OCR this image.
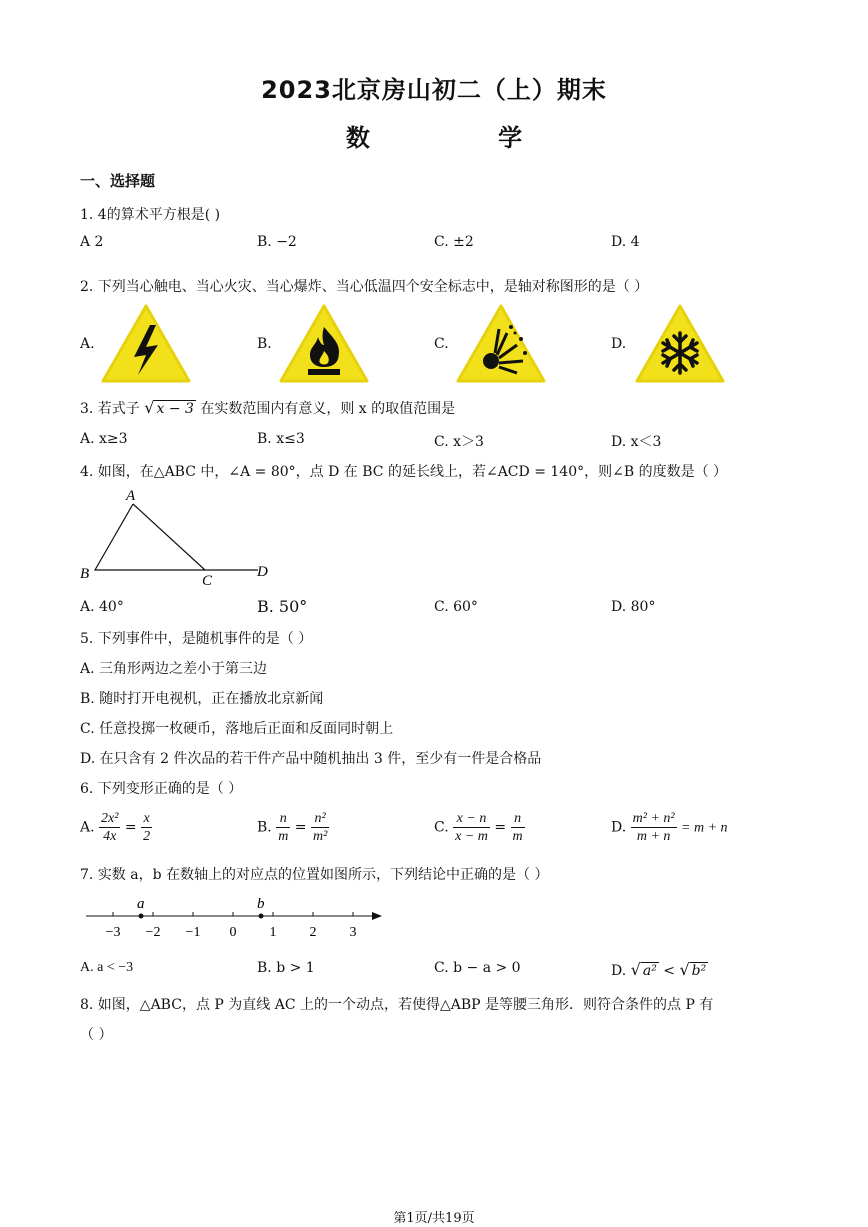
2023北京房山初二（上）期末
数 学
一、选择题
1. 4的算术平方根是( )
A 2	B. −2	C. ±2	D. 4
2. 下列当心触电、当心火灾、当心爆炸、当心低温四个安全标志中，是轴对称图形的是（ ）
A.	B.	C.	D.
3. 若式子 √ x − 3 在实数范围内有意义，则 x 的取值范围是
A. x≥3	B. x≤3	C. x＞3	D. x＜3
4. 如图，在△ABC 中，∠A = 80°，点 D 在 BC 的延长线上，若∠ACD = 140°，则∠B 的度数是（ ）
A
B	C
D
A. 40°	B. 50°	C. 60°	D. 80°
5. 下列事件中，是随机事件的是（ ）
A. 三角形两边之差小于第三边
B. 随时打开电视机，正在播放北京新闻
C. 任意投掷一枚硬币，落地后正面和反面同时朝上
D. 在只含有 2 件次品的若干件产品中随机抽出 3 件，至少有一件是合格品
6. 下列变形正确的是（ ）
A. $\frac{\text{2x²}}{4x} = \frac{x}{2}$	B. $\frac{n}{m} = \frac{\text{n²}}{\text{m²}}$	C. $\frac{x - n}{x - m} = \frac{n}{m}$	D. $\frac{\text{m² + n²}}{m + n} = m + n$
7. 实数 a，b 在数轴上的对应点的位置如图所示，下列结论中正确的是（ ）
−3 −2 −1 0 1 2 3
a	b
A. a < −3	B. b > 1	C. b − a > 0	D. √ a² < √ b²
8. 如图，△ABC，点 P 为直线 AC 上的一个动点，若使得△ABP 是等腰三角形．则符合条件的点 P 有
（ ）
第1页/共19页
